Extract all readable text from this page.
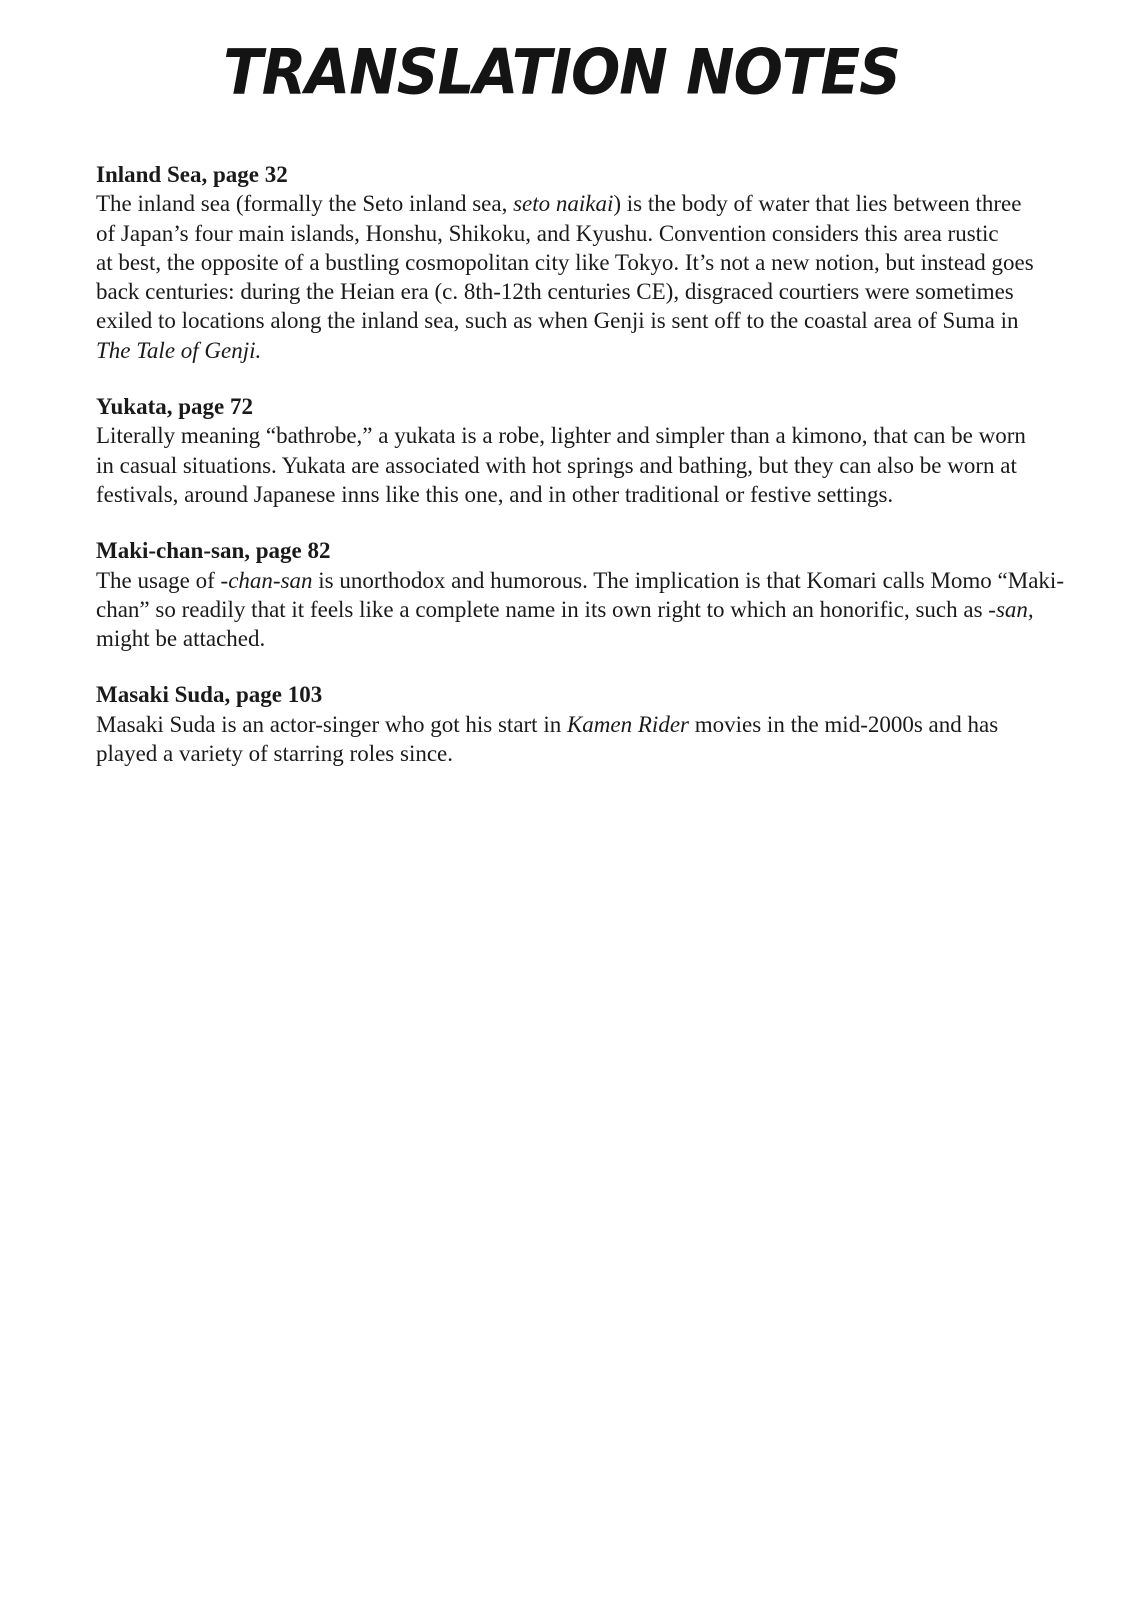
TRANSLATION NOTES
Inland Sea, page 32
The inland sea (formally the Seto inland sea, seto naikai) is the body of water that lies between three
of Japan’s four main islands, Honshu, Shikoku, and Kyushu. Convention considers this area rustic
at best, the opposite of a bustling cosmopolitan city like Tokyo. It’s not a new notion, but instead goes
back centuries: during the Heian era (c. 8th-12th centuries CE), disgraced courtiers were sometimes
exiled to locations along the inland sea, such as when Genji is sent off to the coastal area of Suma in
The Tale of Genji.
Yukata, page 72
Literally meaning “bathrobe,” a yukata is a robe, lighter and simpler than a kimono, that can be worn
in casual situations. Yukata are associated with hot springs and bathing, but they can also be worn at
festivals, around Japanese inns like this one, and in other traditional or festive settings.
Maki-chan-san, page 82
The usage of -chan-san is unorthodox and humorous. The implication is that Komari calls Momo “Maki-
chan” so readily that it feels like a complete name in its own right to which an honorific, such as -san,
might be attached.
Masaki Suda, page 103
Masaki Suda is an actor-singer who got his start in Kamen Rider movies in the mid-2000s and has
played a variety of starring roles since.
